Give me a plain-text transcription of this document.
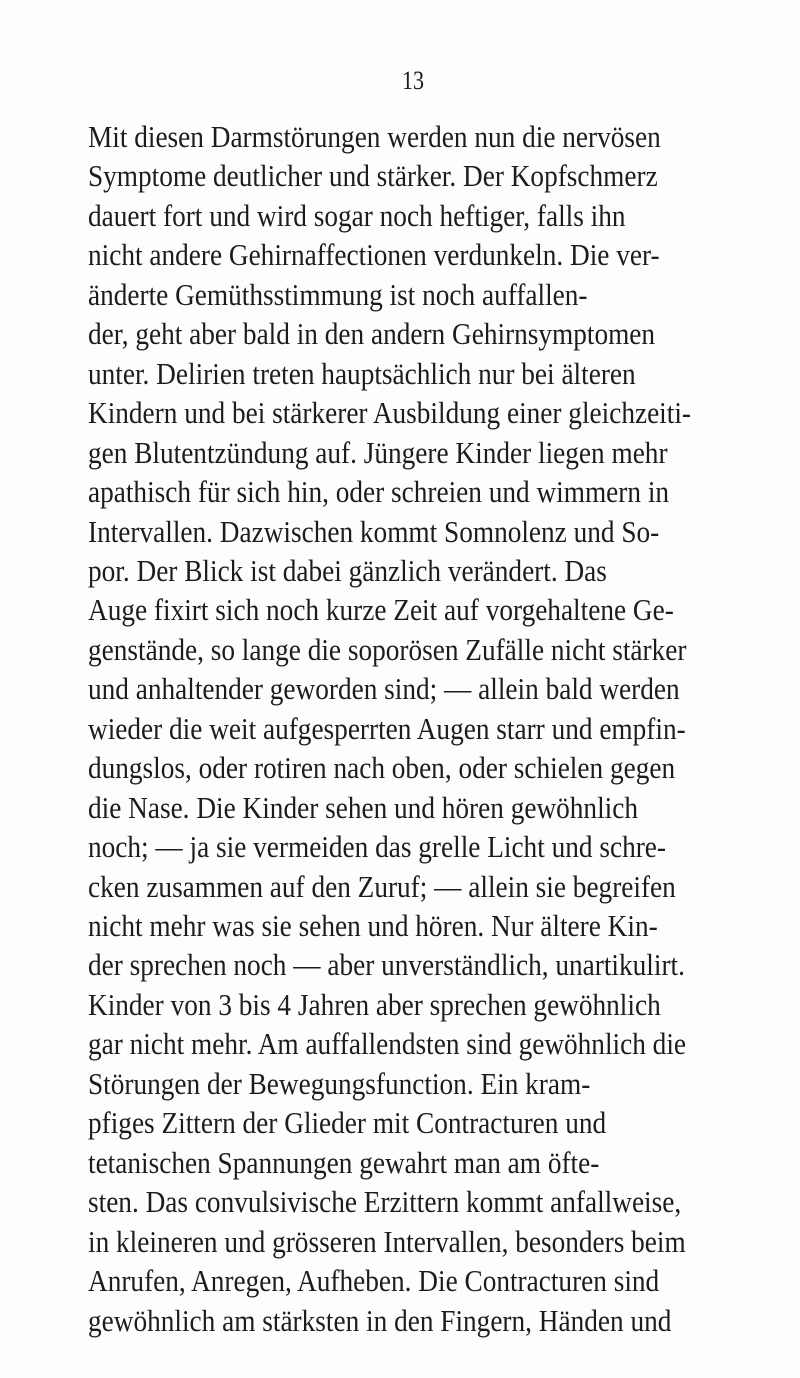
13
Mit diesen Darmstörungen werden nun die nervösen
Symptome deutlicher und stärker. Der Kopfschmerz
dauert fort und wird sogar noch heftiger, falls ihn
nicht andere Gehirnaffectionen verdunkeln. Die ver-
änderte Gemüthsstimmung ist noch auffallen-
der, geht aber bald in den andern Gehirnsymptomen
unter. Delirien treten hauptsächlich nur bei älteren
Kindern und bei stärkerer Ausbildung einer gleichzeiti-
gen Blutentzündung auf. Jüngere Kinder liegen mehr
apathisch für sich hin, oder schreien und wimmern in
Intervallen. Dazwischen kommt Somnolenz und So-
por. Der Blick ist dabei gänzlich verändert. Das
Auge fixirt sich noch kurze Zeit auf vorgehaltene Ge-
genstände, so lange die soporösen Zufälle nicht stärker
und anhaltender geworden sind; — allein bald werden
wieder die weit aufgesperrten Augen starr und empfin-
dungslos, oder rotiren nach oben, oder schielen gegen
die Nase. Die Kinder sehen und hören gewöhnlich
noch; — ja sie vermeiden das grelle Licht und schre-
cken zusammen auf den Zuruf; — allein sie begreifen
nicht mehr was sie sehen und hören. Nur ältere Kin-
der sprechen noch — aber unverständlich, unartikulirt.
Kinder von 3 bis 4 Jahren aber sprechen gewöhnlich
gar nicht mehr. Am auffallendsten sind gewöhnlich die
Störungen der Bewegungsfunction. Ein kram-
pfiges Zittern der Glieder mit Contracturen und
tetanischen Spannungen gewahrt man am öfte-
sten. Das convulsivische Erzittern kommt anfallweise,
in kleineren und grösseren Intervallen, besonders beim
Anrufen, Anregen, Aufheben. Die Contracturen sind
gewöhnlich am stärksten in den Fingern, Händen und
